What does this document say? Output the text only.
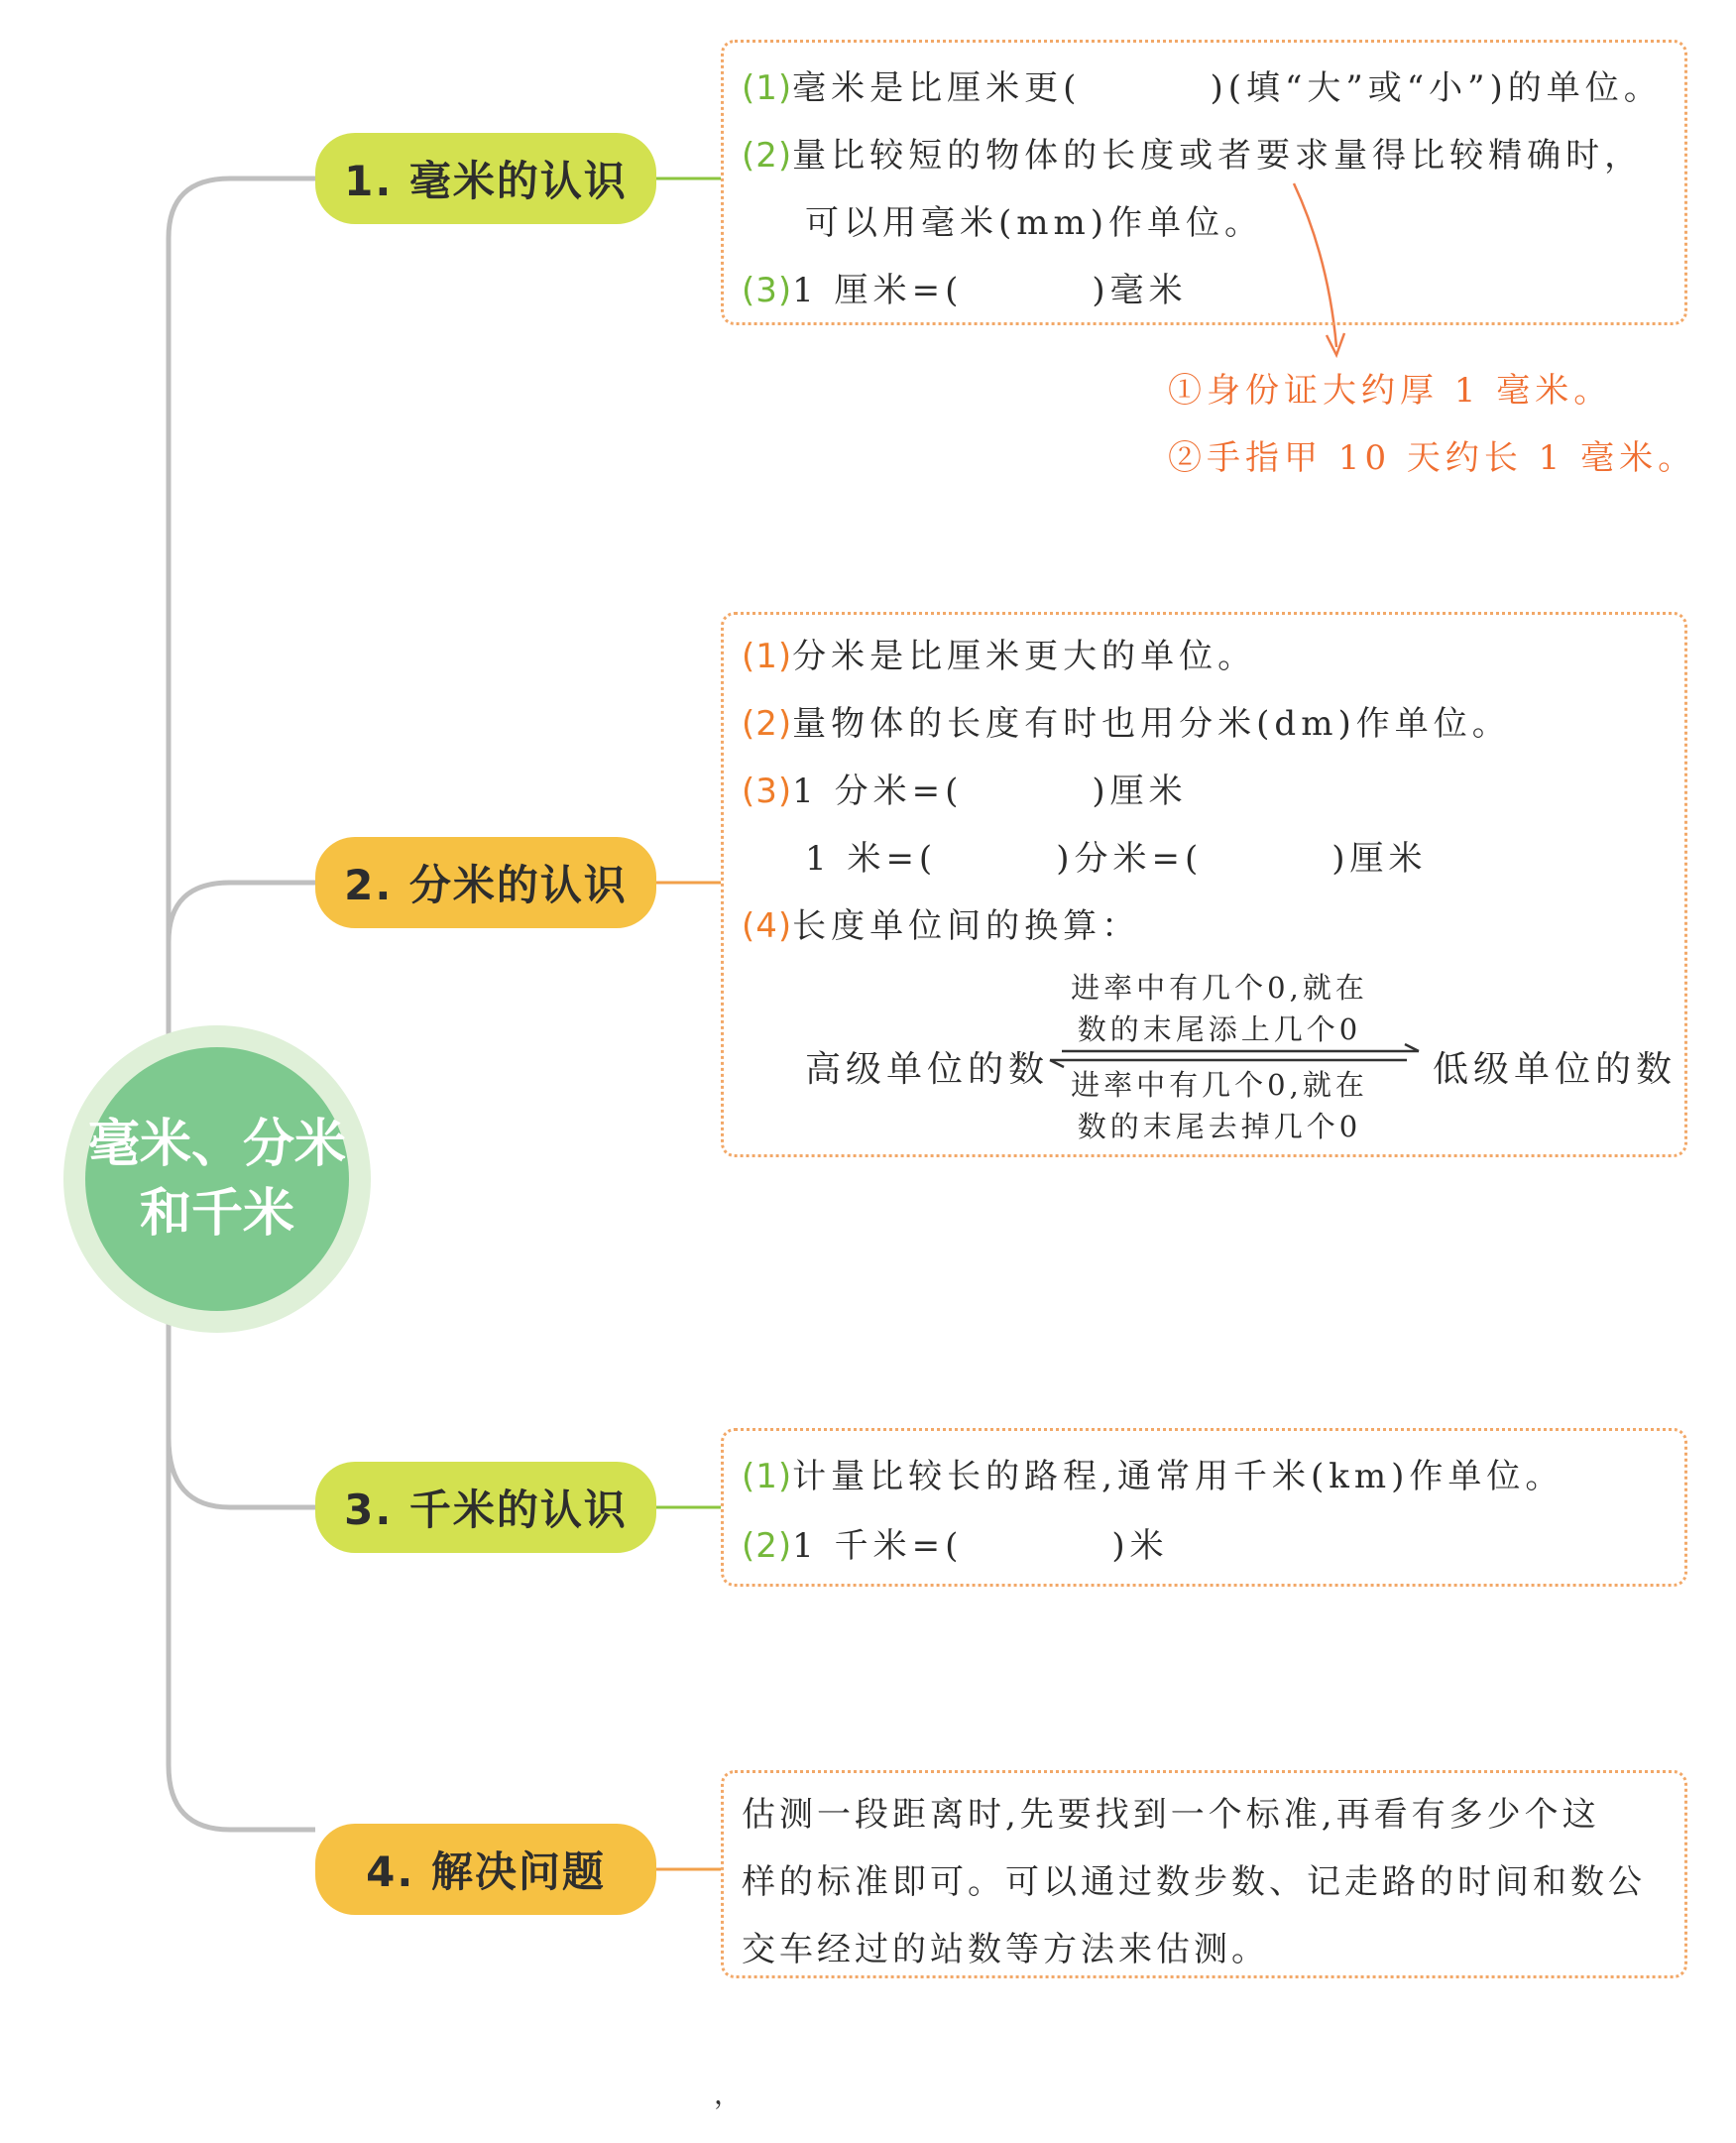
毫米、分米和千米
1. 毫米的认识
2. 分米的认识
3. 千米的认识
4. 解决问题
(1)毫米是比厘米更(	)(填“大”或“小”)的单位。
(2)量比较短的物体的长度或者要求量得比较精确时，
可以用毫米(mm)作单位。
(3)1 厘米=(	)毫米
①身份证大约厚 1 毫米。
②手指甲 10 天约长 1 毫米。
(1)分米是比厘米更大的单位。
(2)量物体的长度有时也用分米(dm)作单位。
(3)1 分米=(	)厘米
1 米=(	)分米=(	)厘米
(4)长度单位间的换算：
进率中有几个0,就在
数的末尾添上几个0
高级单位的数	低级单位的数
进率中有几个0,就在
数的末尾去掉几个0
(1)计量比较长的路程,通常用千米(km)作单位。
(2)1 千米=(	)米
估测一段距离时,先要找到一个标准,再看有多少个这
样的标准即可。可以通过数步数、记走路的时间和数公
交车经过的站数等方法来估测。
，
